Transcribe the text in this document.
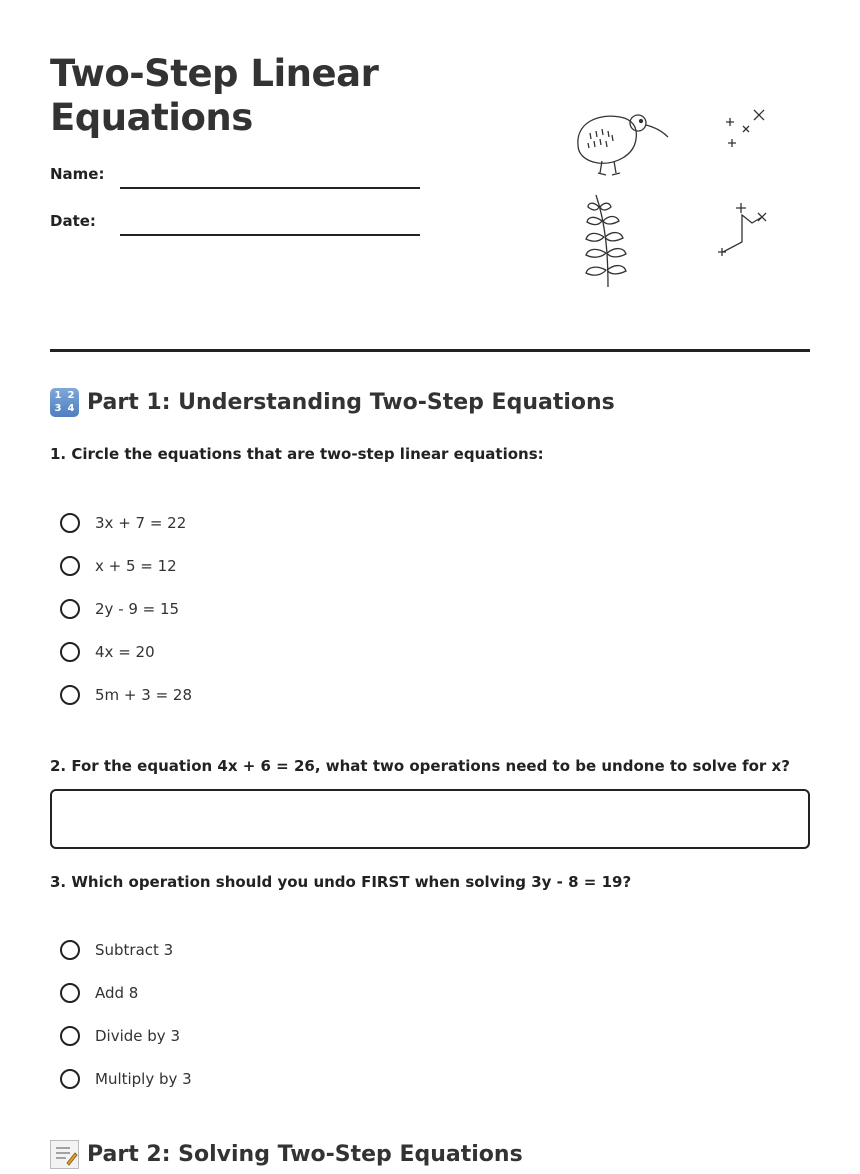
Two-Step Linear Equations
Name:
Date:
1 2
3 4 Part 1: Understanding Two-Step Equations

1. Circle the equations that are two-step linear equations:

3x + 7 = 22
x + 5 = 12
2y - 9 = 15
4x = 20
5m + 3 = 28

2. For the equation 4x + 6 = 26, what two operations need to be undone to solve for x?

3. Which operation should you undo FIRST when solving 3y - 8 = 19?

Subtract 3
Add 8
Divide by 3
Multiply by 3
Part 2: Solving Two-Step Equations
